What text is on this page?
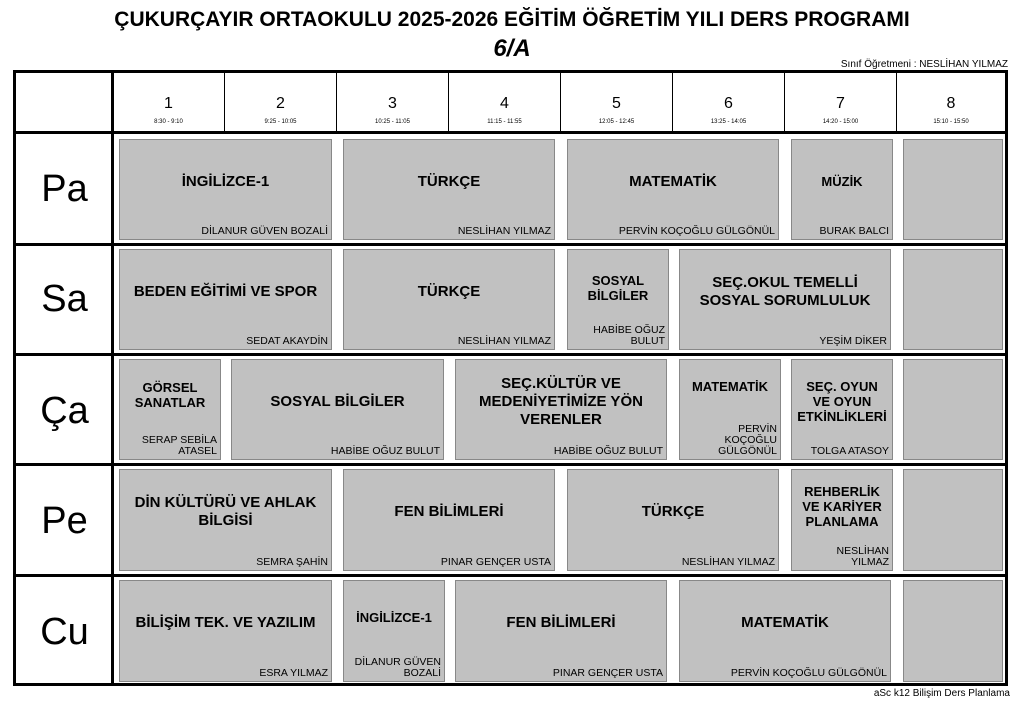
ÇUKURÇAYIR ORTAOKULU 2025-2026 EĞİTİM ÖĞRETİM YILI DERS PROGRAMI
6/A
Sınıf Öğretmeni : NESLİHAN YILMAZ
1
8:30 - 9:10
2
9:25 - 10:05
3
10:25 - 11:05
4
11:15 - 11:55
5
12:05 - 12:45
6
13:25 - 14:05
7
14:20 - 15:00
8
15:10 - 15:50
Pa
Sa
Ça
Pe
Cu
İNGİLİZCE-1
DİLANUR GÜVEN BOZALİ
TÜRKÇE
NESLİHAN YILMAZ
MATEMATİK
PERVİN KOÇOĞLU GÜLGÖNÜL
MÜZİK
BURAK BALCI
BEDEN EĞİTİMİ VE SPOR
SEDAT AKAYDİN
TÜRKÇE
NESLİHAN YILMAZ
SOSYAL BİLGİLER
HABİBE OĞUZ BULUT
SEÇ.OKUL TEMELLİ SOSYAL SORUMLULUK
YEŞİM DİKER
GÖRSEL SANATLAR
SERAP SEBİLA ATASEL
SOSYAL BİLGİLER
HABİBE OĞUZ BULUT
SEÇ.KÜLTÜR VE MEDENİYETİMİZE YÖN VERENLER
HABİBE OĞUZ BULUT
MATEMATİK
PERVİN KOÇOĞLU GÜLGÖNÜL
SEÇ. OYUN VE OYUN ETKİNLİKLERİ
TOLGA ATASOY
DİN KÜLTÜRÜ VE AHLAK BİLGİSİ
SEMRA ŞAHİN
FEN BİLİMLERİ
PINAR GENÇER USTA
TÜRKÇE
NESLİHAN YILMAZ
REHBERLİK VE KARİYER PLANLAMA
NESLİHAN YILMAZ
BİLİŞİM TEK. VE YAZILIM
ESRA YILMAZ
İNGİLİZCE-1
DİLANUR GÜVEN BOZALİ
FEN BİLİMLERİ
PINAR GENÇER USTA
MATEMATİK
PERVİN KOÇOĞLU GÜLGÖNÜL
aSc k12 Bilişim Ders Planlama
